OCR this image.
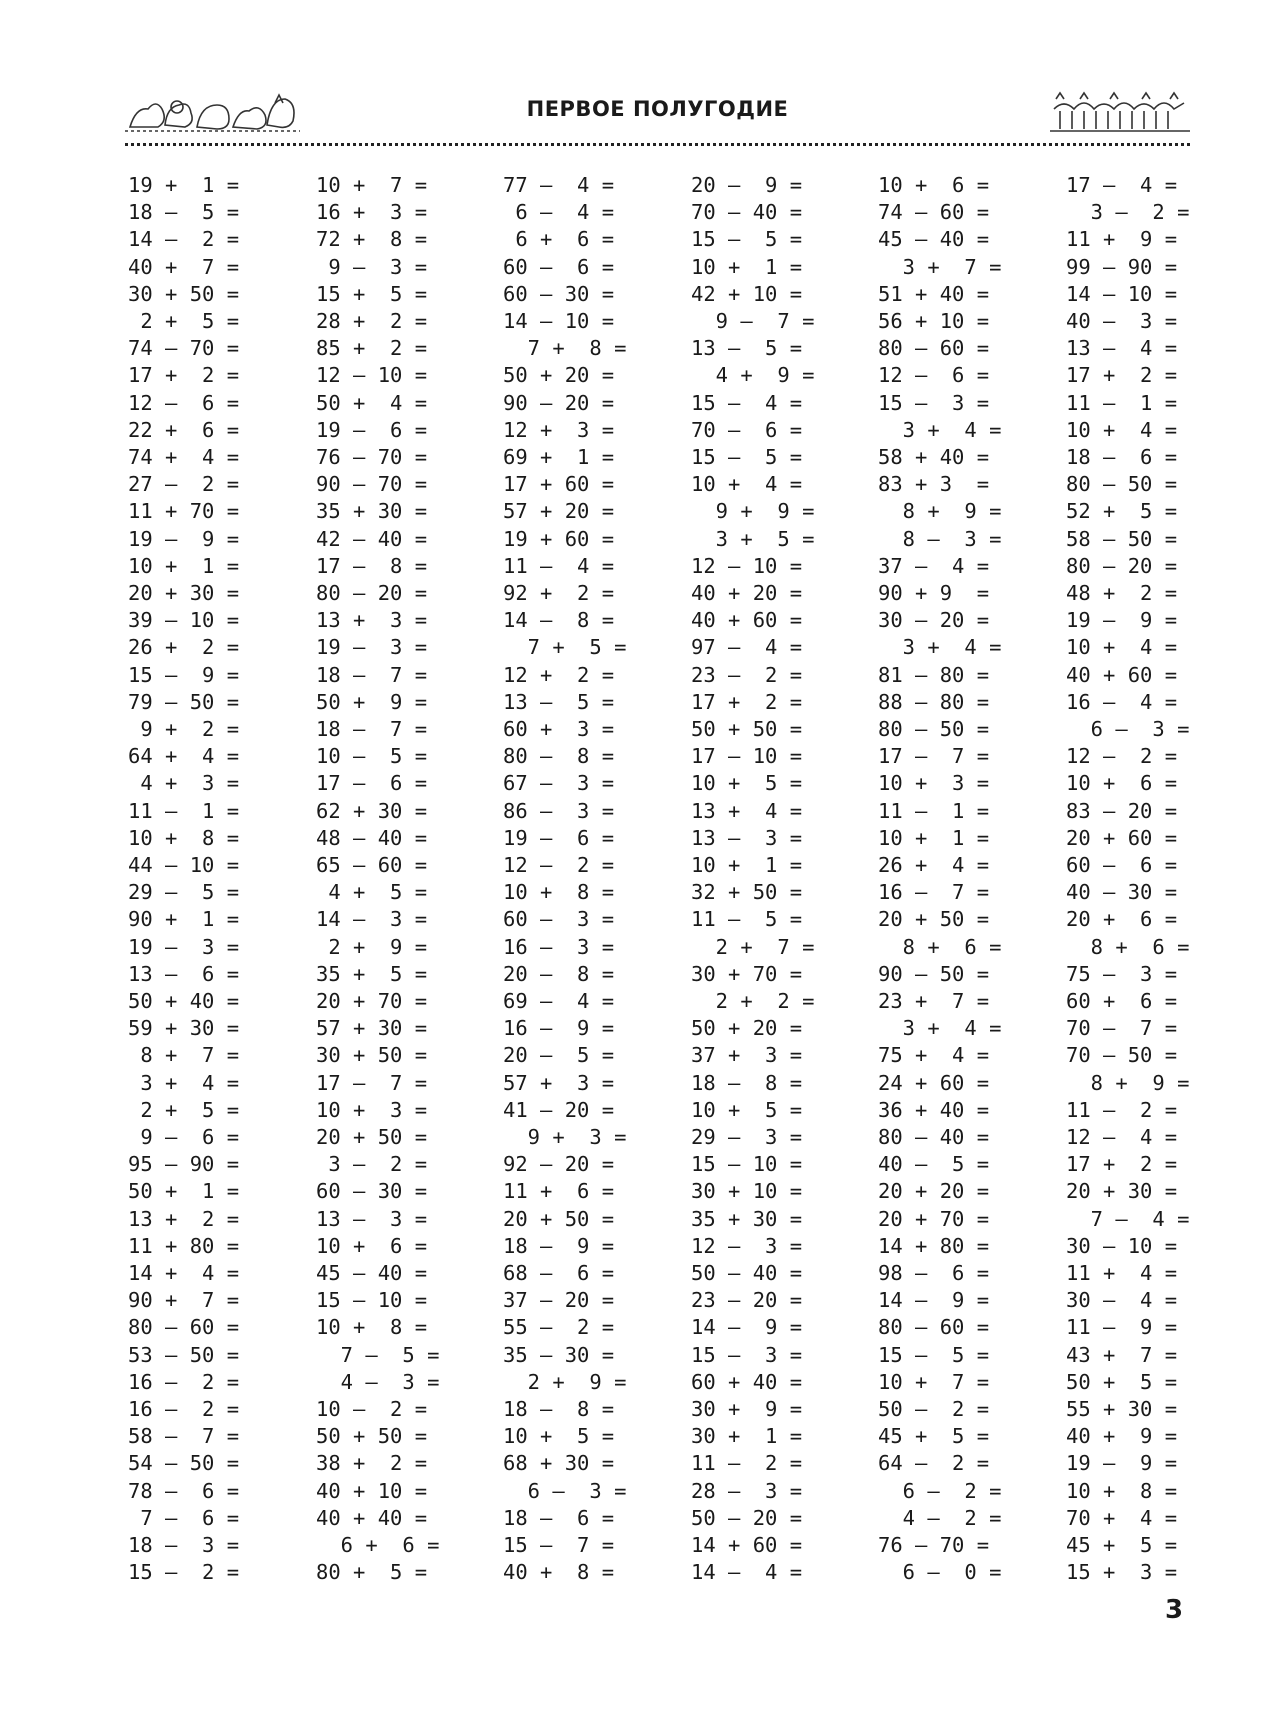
ПЕРВОЕ ПОЛУГОДИЕ
19 +  1 =
18 –  5 =
14 –  2 =
40 +  7 =
30 + 50 =
2 +  5 =
74 – 70 =
17 +  2 =
12 –  6 =
22 +  6 =
74 +  4 =
27 –  2 =
11 + 70 =
19 –  9 =
10 +  1 =
20 + 30 =
39 – 10 =
26 +  2 =
15 –  9 =
79 – 50 =
9 +  2 =
64 +  4 =
4 +  3 =
11 –  1 =
10 +  8 =
44 – 10 =
29 –  5 =
90 +  1 =
19 –  3 =
13 –  6 =
50 + 40 =
59 + 30 =
8 +  7 =
3 +  4 =
2 +  5 =
9 –  6 =
95 – 90 =
50 +  1 =
13 +  2 =
11 + 80 =
14 +  4 =
90 +  7 =
80 – 60 =
53 – 50 =
16 –  2 =
16 –  2 =
58 –  7 =
54 – 50 =
78 –  6 =
7 –  6 =
18 –  3 =
15 –  2 =
10 +  7 =
16 +  3 =
72 +  8 =
9 –  3 =
15 +  5 =
28 +  2 =
85 +  2 =
12 – 10 =
50 +  4 =
19 –  6 =
76 – 70 =
90 – 70 =
35 + 30 =
42 – 40 =
17 –  8 =
80 – 20 =
13 +  3 =
19 –  3 =
18 –  7 =
50 +  9 =
18 –  7 =
10 –  5 =
17 –  6 =
62 + 30 =
48 – 40 =
65 – 60 =
4 +  5 =
14 –  3 =
2 +  9 =
35 +  5 =
20 + 70 =
57 + 30 =
30 + 50 =
17 –  7 =
10 +  3 =
20 + 50 =
3 –  2 =
60 – 30 =
13 –  3 =
10 +  6 =
45 – 40 =
15 – 10 =
10 +  8 =
7 –  5 =
4 –  3 =
10 –  2 =
50 + 50 =
38 +  2 =
40 + 10 =
40 + 40 =
6 +  6 =
80 +  5 =
77 –  4 =
6 –  4 =
6 +  6 =
60 –  6 =
60 – 30 =
14 – 10 =
7 +  8 =
50 + 20 =
90 – 20 =
12 +  3 =
69 +  1 =
17 + 60 =
57 + 20 =
19 + 60 =
11 –  4 =
92 +  2 =
14 –  8 =
7 +  5 =
12 +  2 =
13 –  5 =
60 +  3 =
80 –  8 =
67 –  3 =
86 –  3 =
19 –  6 =
12 –  2 =
10 +  8 =
60 –  3 =
16 –  3 =
20 –  8 =
69 –  4 =
16 –  9 =
20 –  5 =
57 +  3 =
41 – 20 =
9 +  3 =
92 – 20 =
11 +  6 =
20 + 50 =
18 –  9 =
68 –  6 =
37 – 20 =
55 –  2 =
35 – 30 =
2 +  9 =
18 –  8 =
10 +  5 =
68 + 30 =
6 –  3 =
18 –  6 =
15 –  7 =
40 +  8 =
20 –  9 =
70 – 40 =
15 –  5 =
10 +  1 =
42 + 10 =
9 –  7 =
13 –  5 =
4 +  9 =
15 –  4 =
70 –  6 =
15 –  5 =
10 +  4 =
9 +  9 =
3 +  5 =
12 – 10 =
40 + 20 =
40 + 60 =
97 –  4 =
23 –  2 =
17 +  2 =
50 + 50 =
17 – 10 =
10 +  5 =
13 +  4 =
13 –  3 =
10 +  1 =
32 + 50 =
11 –  5 =
2 +  7 =
30 + 70 =
2 +  2 =
50 + 20 =
37 +  3 =
18 –  8 =
10 +  5 =
29 –  3 =
15 – 10 =
30 + 10 =
35 + 30 =
12 –  3 =
50 – 40 =
23 – 20 =
14 –  9 =
15 –  3 =
60 + 40 =
30 +  9 =
30 +  1 =
11 –  2 =
28 –  3 =
50 – 20 =
14 + 60 =
14 –  4 =
10 +  6 =
74 – 60 =
45 – 40 =
3 +  7 =
51 + 40 =
56 + 10 =
80 – 60 =
12 –  6 =
15 –  3 =
3 +  4 =
58 + 40 =
83 + 3  =
8 +  9 =
8 –  3 =
37 –  4 =
90 + 9  =
30 – 20 =
3 +  4 =
81 – 80 =
88 – 80 =
80 – 50 =
17 –  7 =
10 +  3 =
11 –  1 =
10 +  1 =
26 +  4 =
16 –  7 =
20 + 50 =
8 +  6 =
90 – 50 =
23 +  7 =
3 +  4 =
75 +  4 =
24 + 60 =
36 + 40 =
80 – 40 =
40 –  5 =
20 + 20 =
20 + 70 =
14 + 80 =
98 –  6 =
14 –  9 =
80 – 60 =
15 –  5 =
10 +  7 =
50 –  2 =
45 +  5 =
64 –  2 =
6 –  2 =
4 –  2 =
76 – 70 =
6 –  0 =
17 –  4 =
3 –  2 =
11 +  9 =
99 – 90 =
14 – 10 =
40 –  3 =
13 –  4 =
17 +  2 =
11 –  1 =
10 +  4 =
18 –  6 =
80 – 50 =
52 +  5 =
58 – 50 =
80 – 20 =
48 +  2 =
19 –  9 =
10 +  4 =
40 + 60 =
16 –  4 =
6 –  3 =
12 –  2 =
10 +  6 =
83 – 20 =
20 + 60 =
60 –  6 =
40 – 30 =
20 +  6 =
8 +  6 =
75 –  3 =
60 +  6 =
70 –  7 =
70 – 50 =
8 +  9 =
11 –  2 =
12 –  4 =
17 +  2 =
20 + 30 =
7 –  4 =
30 – 10 =
11 +  4 =
30 –  4 =
11 –  9 =
43 +  7 =
50 +  5 =
55 + 30 =
40 +  9 =
19 –  9 =
10 +  8 =
70 +  4 =
45 +  5 =
15 +  3 =
3
